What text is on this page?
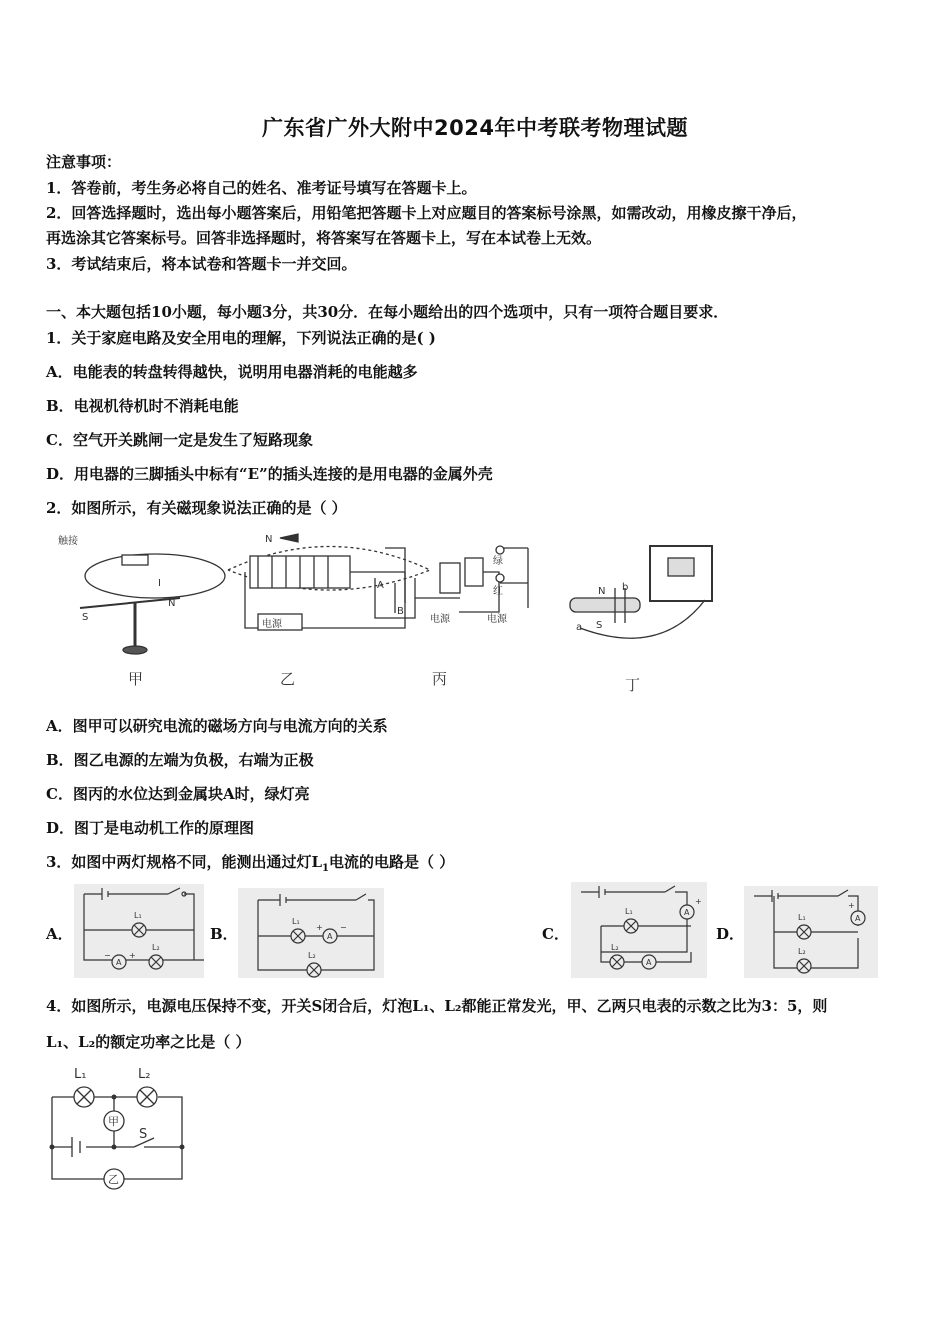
广东省广外大附中2024年中考联考物理试题
注意事项：
1．答卷前，考生务必将自己的姓名、准考证号填写在答题卡上。
2．回答选择题时，选出每小题答案后，用铅笔把答题卡上对应题目的答案标号涂黑，如需改动，用橡皮擦干净后，
再选涂其它答案标号。回答非选择题时，将答案写在答题卡上，写在本试卷上无效。
3．考试结束后，将本试卷和答题卡一并交回。
一、本大题包括10小题，每小题3分，共30分．在每小题给出的四个选项中，只有一项符合题目要求．
1．关于家庭电路及安全用电的理解，下列说法正确的是( )
A．电能表的转盘转得越快，说明用电器消耗的电能越多
B．电视机待机时不消耗电能
C．空气开关跳闸一定是发生了短路现象
D．用电器的三脚插头中标有“E”的插头连接的是用电器的金属外壳
2．如图所示，有关磁现象说法正确的是（ ）
触接
I
N
S
N
电源
A
B
电源	电源
绿
红	N
S
a
b
甲	乙	丙	丁
A．图甲可以研究电流的磁场方向与电流方向的关系
B．图乙电源的左端为负极，右端为正极
C．图丙的水位达到金属块A时，绿灯亮
D．图丁是电动机工作的原理图
3．如图中两灯规格不同，能测出通过灯$L_1$电流的电路是（ ）
A．	B．	C．	D．
L₁
L₂
A
− +
L₁
L₂
A
+ −
L₁
L₂
A
A
+
L₁
L₂
A
+
4．如图所示，电源电压保持不变，开关S闭合后，灯泡L₁、L₂都能正常发光，甲、乙两只电表的示数之比为3：5，则
L₁、L₂的额定功率之比是（ ）
L₁	L₂
S
甲
乙
